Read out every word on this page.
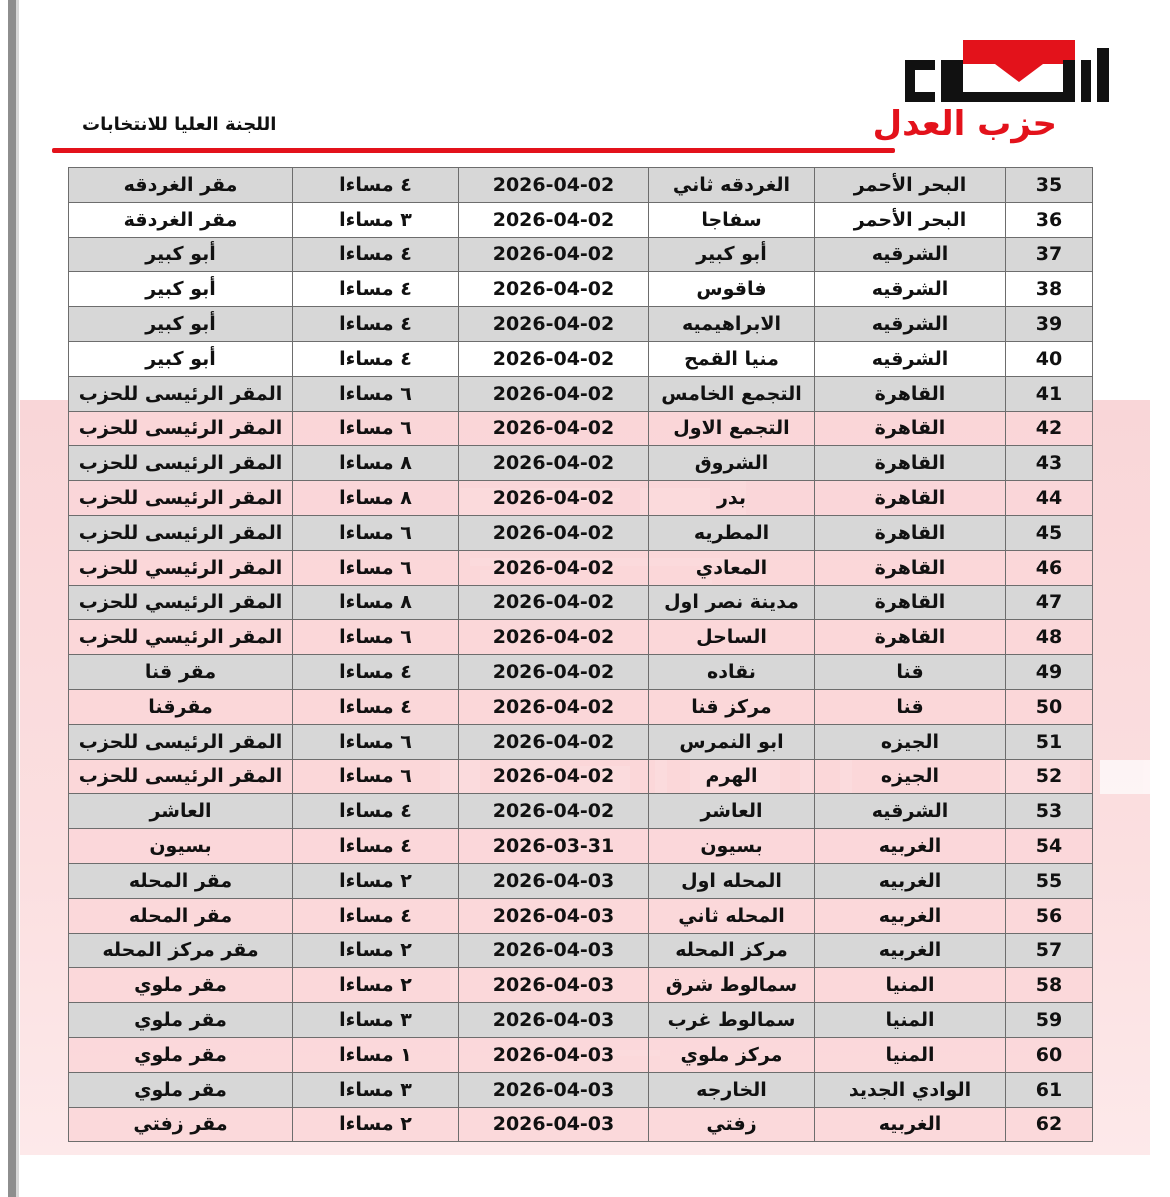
حزب العدل
اللجنة العليا للانتخابات
35	البحر الأحمر	الغردقه ثاني	2026-04-02	٤ مساءا	مقر الغردقه
36	البحر الأحمر	سفاجا	2026-04-02	٣ مساءا	مقر الغردقة
37	الشرقيه	أبو كبير	2026-04-02	٤ مساءا	أبو كبير
38	الشرقيه	فاقوس	2026-04-02	٤ مساءا	أبو كبير
39	الشرقيه	الابراهيميه	2026-04-02	٤ مساءا	أبو كبير
40	الشرقيه	منيا القمح	2026-04-02	٤ مساءا	أبو كبير
41	القاهرة	التجمع الخامس	2026-04-02	٦ مساءا	المقر الرئيسى للحزب
42	القاهرة	التجمع الاول	2026-04-02	٦ مساءا	المقر الرئيسى للحزب
43	القاهرة	الشروق	2026-04-02	٨ مساءا	المقر الرئيسى للحزب
44	القاهرة	بدر	2026-04-02	٨ مساءا	المقر الرئيسى للحزب
45	القاهرة	المطريه	2026-04-02	٦ مساءا	المقر الرئيسى للحزب
46	القاهرة	المعادي	2026-04-02	٦ مساءا	المقر الرئيسي للحزب
47	القاهرة	مدينة نصر اول	2026-04-02	٨ مساءا	المقر الرئيسي للحزب
48	القاهرة	الساحل	2026-04-02	٦ مساءا	المقر الرئيسي للحزب
49	قنا	نقاده	2026-04-02	٤ مساءا	مقر قنا
50	قنا	مركز قنا	2026-04-02	٤ مساءا	مقرقنا
51	الجيزه	ابو النمرس	2026-04-02	٦ مساءا	المقر الرئيسى للحزب
52	الجيزه	الهرم	2026-04-02	٦ مساءا	المقر الرئيسى للحزب
53	الشرقيه	العاشر	2026-04-02	٤ مساءا	العاشر
54	الغربيه	بسيون	2026-03-31	٤ مساءا	بسيون
55	الغربيه	المحله اول	2026-04-03	٢ مساءا	مقر المحله
56	الغربيه	المحله ثاني	2026-04-03	٤ مساءا	مقر المحله
57	الغربيه	مركز المحله	2026-04-03	٢ مساءا	مقر مركز المحله
58	المنيا	سمالوط شرق	2026-04-03	٢ مساءا	مقر ملوي
59	المنيا	سمالوط غرب	2026-04-03	٣ مساءا	مقر ملوي
60	المنيا	مركز ملوي	2026-04-03	١ مساءا	مقر ملوي
61	الوادي الجديد	الخارجه	2026-04-03	٣ مساءا	مقر ملوي
62	الغربيه	زفتي	2026-04-03	٢ مساءا	مقر زفتي
